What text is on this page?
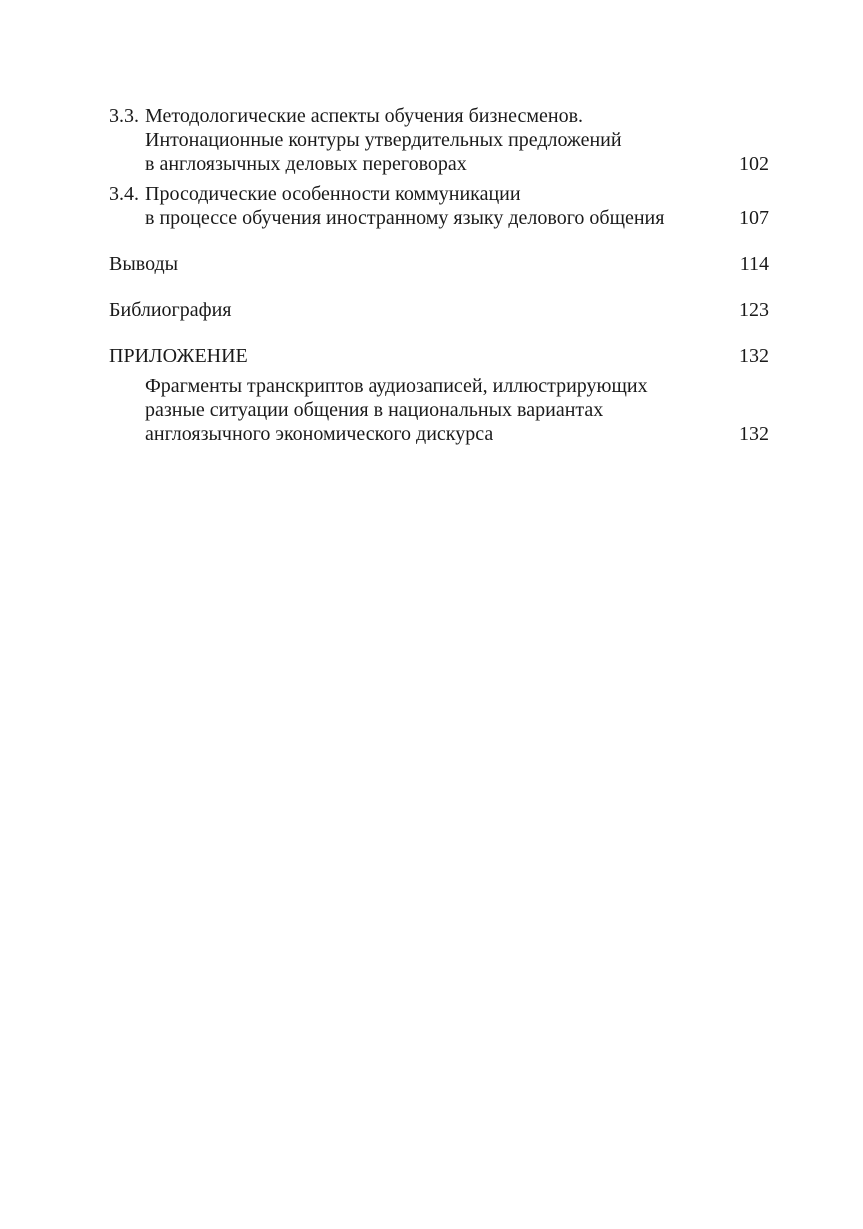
3.3. Методологические аспекты обучения бизнесменов.
Интонационные контуры утвердительных предложений
в англоязычных деловых переговорах	102
3.4. Просодические особенности коммуникации
в процессе обучения иностранному языку делового общения	107
Выводы	114
Библиография	123
ПРИЛОЖЕНИЕ	132
Фрагменты транскриптов аудиозаписей, иллюстрирующих
разные ситуации общения в национальных вариантах
англоязычного экономического дискурса	132
